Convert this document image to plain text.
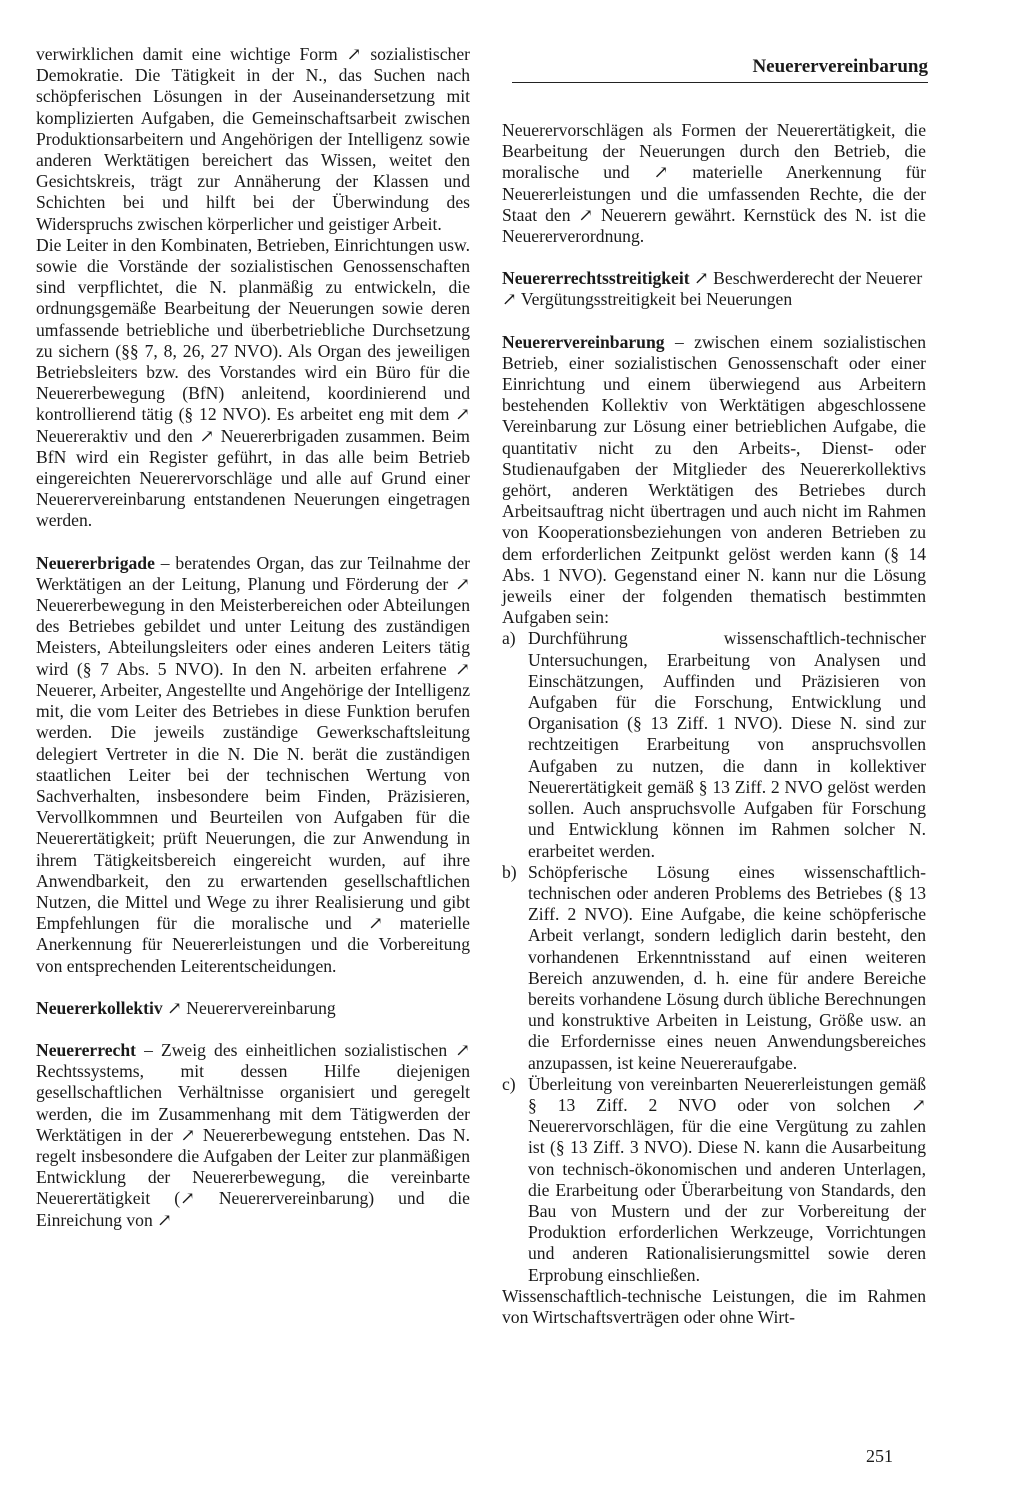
Neuerervereinbarung

verwirklichen damit eine wichtige Form ↗ sozialistischer Demokratie. Die Tätigkeit in der N., das Suchen nach schöpferischen Lösungen in der Auseinandersetzung mit komplizierten Aufgaben, die Gemeinschaftsarbeit zwischen Produktionsarbeitern und Angehörigen der Intelligenz sowie anderen Werktätigen bereichert das Wissen, weitet den Gesichtskreis, trägt zur Annäherung der Klassen und Schichten bei und hilft bei der Überwindung des Widerspruchs zwischen körperlicher und geistiger Arbeit.

Die Leiter in den Kombinaten, Betrieben, Einrichtungen usw. sowie die Vorstände der sozialistischen Genossenschaften sind verpflichtet, die N. planmäßig zu entwickeln, die ordnungsgemäße Bearbeitung der Neuerungen sowie deren umfassende betriebliche und überbetriebliche Durchsetzung zu sichern (§§ 7, 8, 26, 27 NVO). Als Organ des jeweiligen Betriebsleiters bzw. des Vorstandes wird ein Büro für die Neuererbewegung (BfN) anleitend, koordinierend und kontrollierend tätig (§ 12 NVO). Es arbeitet eng mit dem ↗ Neuereraktiv und den ↗ Neuererbrigaden zusammen. Beim BfN wird ein Register geführt, in das alle beim Betrieb eingereichten Neuerervorschläge und alle auf Grund einer Neuerervereinbarung entstandenen Neuerungen eingetragen werden.

Neuererbrigade – beratendes Organ, das zur Teilnahme der Werktätigen an der Leitung, Planung und Förderung der ↗ Neuererbewegung in den Meisterbereichen oder Abteilungen des Betriebes gebildet und unter Leitung des zuständigen Meisters, Abteilungsleiters oder eines anderen Leiters tätig wird (§ 7 Abs. 5 NVO). In den N. arbeiten erfahrene ↗ Neuerer, Arbeiter, Angestellte und Angehörige der Intelligenz mit, die vom Leiter des Betriebes in diese Funktion berufen werden. Die jeweils zuständige Gewerkschaftsleitung delegiert Vertreter in die N. Die N. berät die zuständigen staatlichen Leiter bei der technischen Wertung von Sachverhalten, insbesondere beim Finden, Präzisieren, Vervollkommnen und Beurteilen von Aufgaben für die Neuerertätigkeit; prüft Neuerungen, die zur Anwendung in ihrem Tätigkeitsbereich eingereicht wurden, auf ihre Anwendbarkeit, den zu erwartenden gesellschaftlichen Nutzen, die Mittel und Wege zu ihrer Realisierung und gibt Empfehlungen für die moralische und ↗ materielle Anerkennung für Neuererleistungen und die Vorbereitung von entsprechenden Leiterentscheidungen.

Neuererkollektiv ↗ Neuerervereinbarung

Neuererrecht – Zweig des einheitlichen sozialistischen ↗ Rechtssystems, mit dessen Hilfe diejenigen gesellschaftlichen Verhältnisse organisiert und geregelt werden, die im Zusammenhang mit dem Tätigwerden der Werktätigen in der ↗ Neuererbewegung entstehen. Das N. regelt insbesondere die Aufgaben der Leiter zur planmäßigen Entwicklung der Neuererbewegung, die vereinbarte Neuerertätigkeit (↗ Neuerervereinbarung) und die Einreichung von ↗

Neuerervorschlägen als Formen der Neuerertätigkeit, die Bearbeitung der Neuerungen durch den Betrieb, die moralische und ↗ materielle Anerkennung für Neuererleistungen und die umfassenden Rechte, die der Staat den ↗ Neuerern gewährt. Kernstück des N. ist die Neuererverordnung.

Neuererrechtsstreitigkeit ↗ Beschwerderecht der Neuerer ↗ Vergütungsstreitigkeit bei Neuerungen

Neuerervereinbarung – zwischen einem sozialistischen Betrieb, einer sozialistischen Genossenschaft oder einer Einrichtung und einem überwiegend aus Arbeitern bestehenden Kollektiv von Werktätigen abgeschlossene Vereinbarung zur Lösung einer betrieblichen Aufgabe, die quantitativ nicht zu den Arbeits-, Dienst- oder Studienaufgaben der Mitglieder des Neuererkollektivs gehört, anderen Werktätigen des Betriebes durch Arbeitsauftrag nicht übertragen und auch nicht im Rahmen von Kooperationsbeziehungen von anderen Betrieben zu dem erforderlichen Zeitpunkt gelöst werden kann (§ 14 Abs. 1 NVO). Gegenstand einer N. kann nur die Lösung jeweils einer der folgenden thematisch bestimmten Aufgaben sein:

a) Durchführung wissenschaftlich-technischer Untersuchungen, Erarbeitung von Analysen und Einschätzungen, Auffinden und Präzisieren von Aufgaben für die Forschung, Entwicklung und Organisation (§ 13 Ziff. 1 NVO). Diese N. sind zur rechtzeitigen Erarbeitung von anspruchsvollen Aufgaben zu nutzen, die dann in kollektiver Neuerertätigkeit gemäß § 13 Ziff. 2 NVO gelöst werden sollen. Auch anspruchsvolle Aufgaben für Forschung und Entwicklung können im Rahmen solcher N. erarbeitet werden.
b) Schöpferische Lösung eines wissenschaftlich-technischen oder anderen Problems des Betriebes (§ 13 Ziff. 2 NVO). Eine Aufgabe, die keine schöpferische Arbeit verlangt, sondern lediglich darin besteht, den vorhandenen Erkenntnisstand auf einen weiteren Bereich anzuwenden, d. h. eine für andere Bereiche bereits vorhandene Lösung durch übliche Berechnungen und konstruktive Arbeiten in Leistung, Größe usw. an die Erfordernisse eines neuen Anwendungsbereiches anzupassen, ist keine Neuereraufgabe.
c) Überleitung von vereinbarten Neuererleistungen gemäß § 13 Ziff. 2 NVO oder von solchen ↗ Neuerervorschlägen, für die eine Vergütung zu zahlen ist (§ 13 Ziff. 3 NVO). Diese N. kann die Ausarbeitung von technisch-ökonomischen und anderen Unterlagen, die Erarbeitung oder Überarbeitung von Standards, den Bau von Mustern und der zur Vorbereitung der Produktion erforderlichen Werkzeuge, Vorrichtungen und anderen Rationalisierungsmittel sowie deren Erprobung einschließen.

Wissenschaftlich-technische Leistungen, die im Rahmen von Wirtschaftsverträgen oder ohne Wirt-

251
